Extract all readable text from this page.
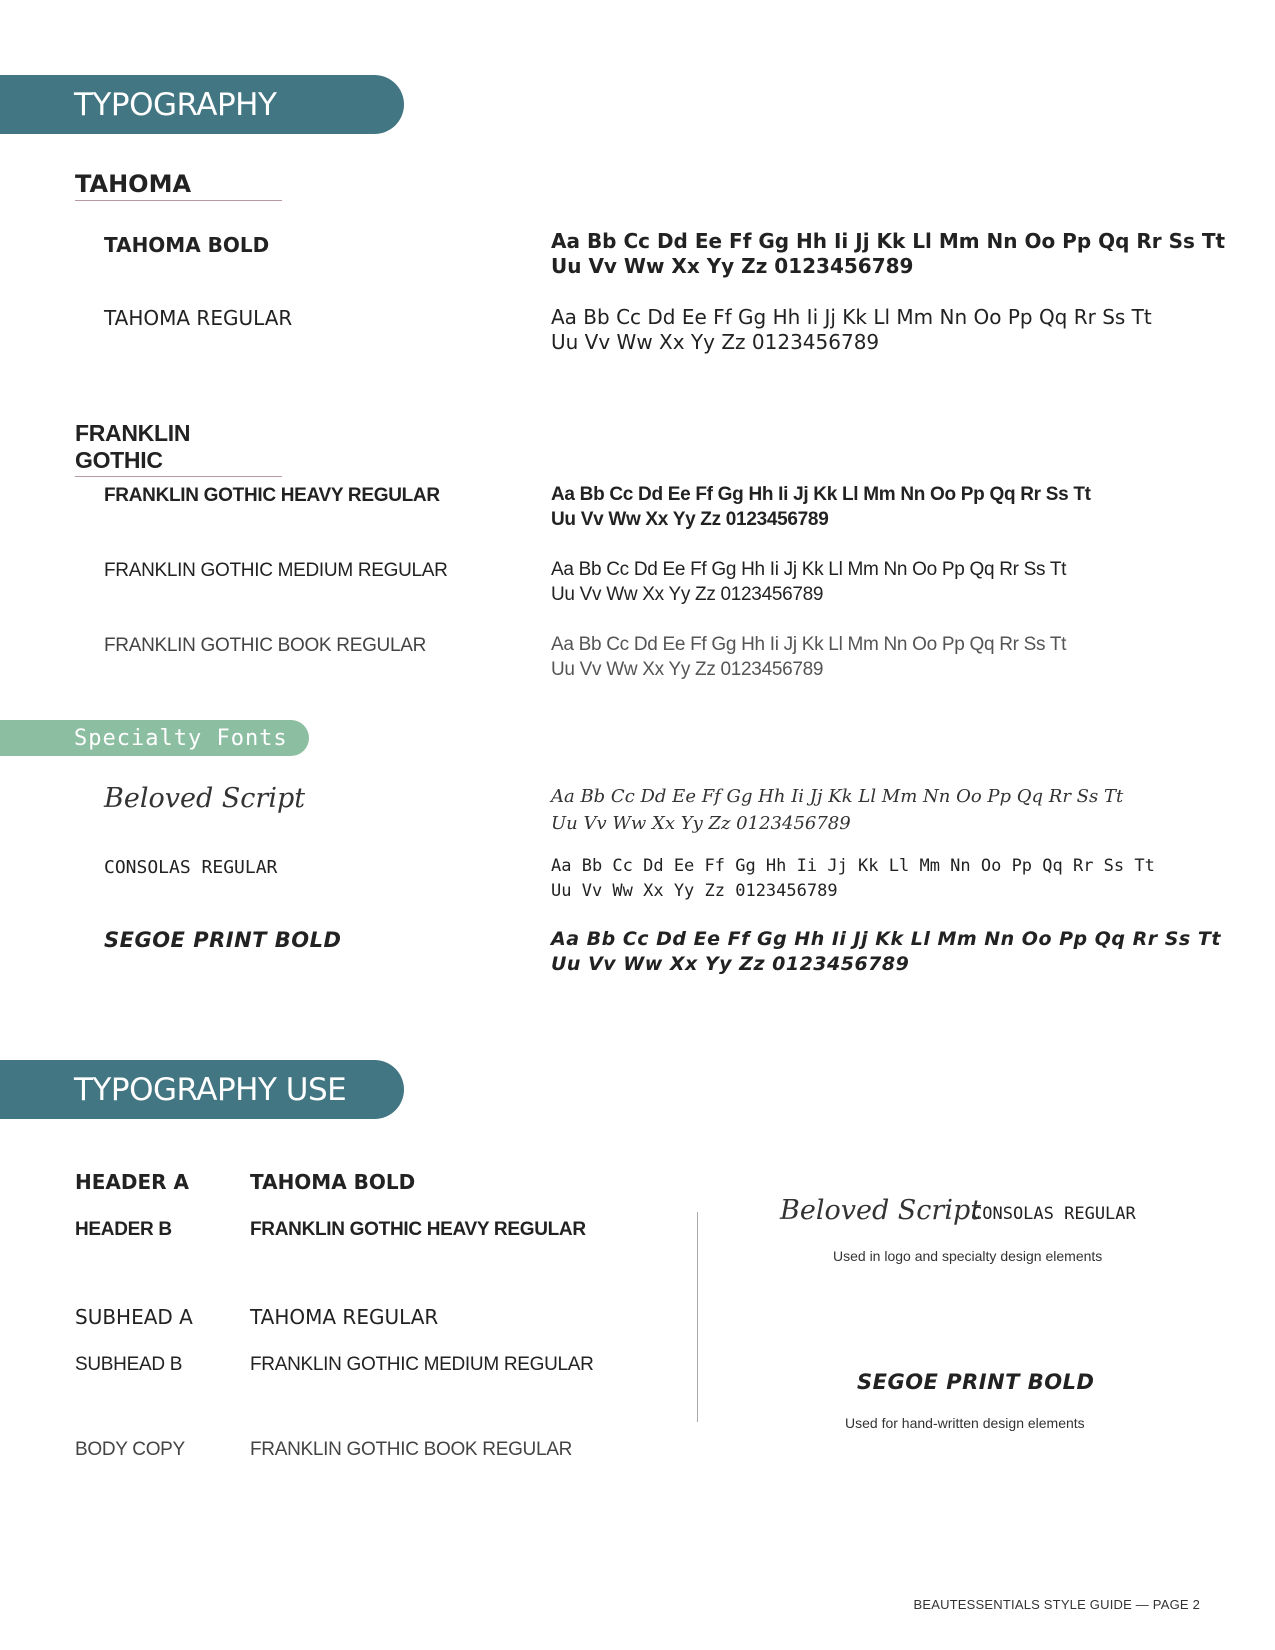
TYPOGRAPHY
TAHOMA
TAHOMA BOLD	Aa Bb Cc Dd Ee Ff Gg Hh Ii Jj Kk Ll Mm Nn Oo Pp Qq Rr Ss Tt
Uu Vv Ww Xx Yy Zz 0123456789
TAHOMA REGULAR	Aa Bb Cc Dd Ee Ff Gg Hh Ii Jj Kk Ll Mm Nn Oo Pp Qq Rr Ss Tt
Uu Vv Ww Xx Yy Zz 0123456789
FRANKLIN GOTHIC
FRANKLIN GOTHIC HEAVY REGULAR	Aa Bb Cc Dd Ee Ff Gg Hh Ii Jj Kk Ll Mm Nn Oo Pp Qq Rr Ss Tt
Uu Vv Ww Xx Yy Zz 0123456789
FRANKLIN GOTHIC MEDIUM REGULAR	Aa Bb Cc Dd Ee Ff Gg Hh Ii Jj Kk Ll Mm Nn Oo Pp Qq Rr Ss Tt
Uu Vv Ww Xx Yy Zz 0123456789
FRANKLIN GOTHIC BOOK REGULAR	Aa Bb Cc Dd Ee Ff Gg Hh Ii Jj Kk Ll Mm Nn Oo Pp Qq Rr Ss Tt
Uu Vv Ww Xx Yy Zz 0123456789
Specialty Fonts
Beloved Script	Aa Bb Cc Dd Ee Ff Gg Hh Ii Jj Kk Ll Mm Nn Oo Pp Qq Rr Ss Tt
Uu Vv Ww Xx Yy Zz 0123456789
CONSOLAS REGULAR	Aa Bb Cc Dd Ee Ff Gg Hh Ii Jj Kk Ll Mm Nn Oo Pp Qq Rr Ss Tt
Uu Vv Ww Xx Yy Zz 0123456789
SEGOE PRINT BOLD	Aa Bb Cc Dd Ee Ff Gg Hh Ii Jj Kk Ll Mm Nn Oo Pp Qq Rr Ss Tt
Uu Vv Ww Xx Yy Zz 0123456789
TYPOGRAPHY USE
HEADER A	TAHOMA BOLD
HEADER B	FRANKLIN GOTHIC HEAVY REGULAR
SUBHEAD A	TAHOMA REGULAR
SUBHEAD B	FRANKLIN GOTHIC MEDIUM REGULAR
BODY COPY	FRANKLIN GOTHIC BOOK REGULAR
Beloved Script
CONSOLAS REGULAR
Used in logo and specialty design elements
SEGOE PRINT BOLD
Used for hand-written design elements
BEAUTESSENTIALS STYLE GUIDE — PAGE 2
